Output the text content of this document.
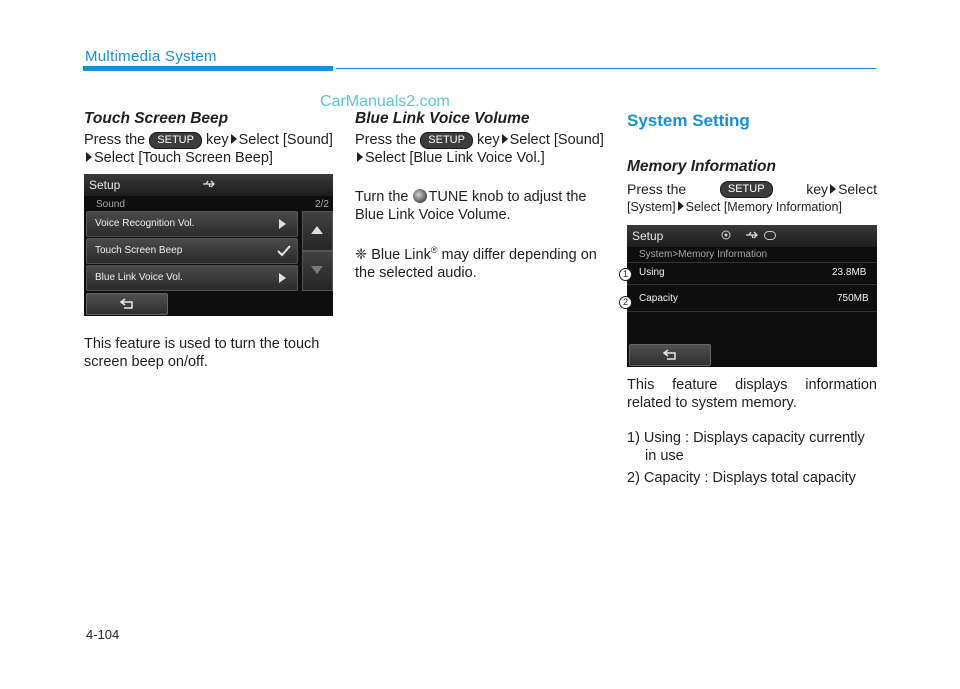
Multimedia System
CarManuals2.com
Touch Screen Beep
Press the SETUP key Select [Sound]
Select [Touch Screen Beep]
Setup
Sound	2/2
Voice Recognition Vol.
Touch Screen Beep
Blue Link Voice Vol.
This feature is used to turn the touch screen beep on/off.
Blue Link Voice Volume
Press the SETUP key Select [Sound]
Select [Blue Link Voice Vol.]
Turn the TUNE knob to adjust the Blue Link Voice Volume.
❈ Blue Link® may differ depending on the selected audio.
System Setting
Memory Information
Press the	SETUP	key Select
[System] Select [Memory Information]
Setup
System>Memory Information
Using	23.8MB
Capacity	750MB
1
2
This feature displays information related to system memory.
1) Using : Displays capacity currently
in use
2) Capacity : Displays total capacity
4-104
